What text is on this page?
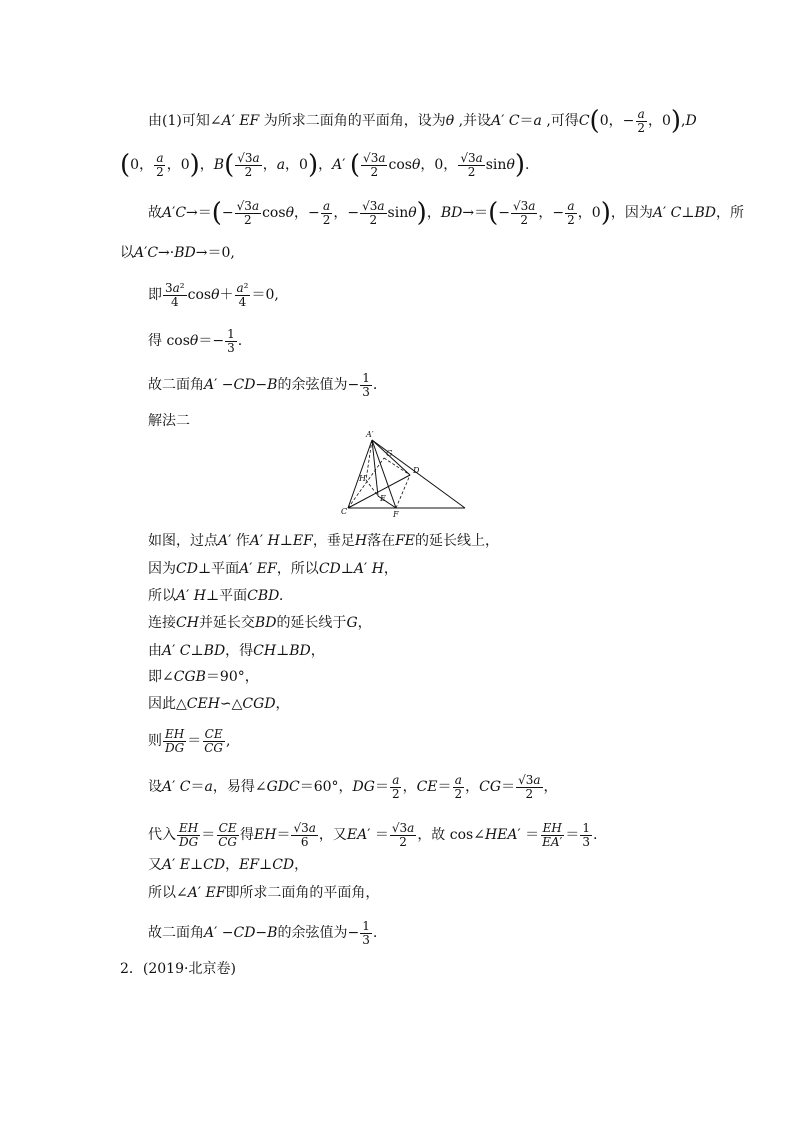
由(1)可知∠A′ EF 为所求二面角的平面角，设为θ ,并设A′ C＝a ,可得C(0，− $\frac{a}{2}$ ，0),D
(0， $\frac{a}{2}$ ，0)，$B( \frac{√3a}{2}$ ，a，0)，A′ ( $\frac{√3a}{2}$ cosθ，0， $\frac{√3a}{2} \sin\theta$).
故$A'C\to=(- \frac{√3a}{2}$ cosθ，− $\frac{a}{2}$ ，− $\frac{√3a}{2} \sin\theta$)，$BD\to=(- \frac{√3a}{2}$ ，− $\frac{a}{2}$ ，0)，因为A′ C⊥BD，所
以A′C→·BD→＝0,
即 $\frac{\text{3a²}}{4} \cos\theta+ \frac{\text{a²}}{4} =0$,
得 $\cos\theta=- \frac{1}{3}$ .
故二面角A′ −CD−B的余弦值为− $\frac{1}{3}$ .
解法二
A′
G
D
H
E
C	F
如图，过点A′ 作A′ H⊥EF，垂足H落在FE的延长线上，
因为CD⊥平面A′ EF，所以CD⊥A′ H，
所以A′ H⊥平面CBD.
连接CH并延长交BD的延长线于G，
由A′ C⊥BD，得CH⊥BD，
即∠CGB＝90°，
因此△CEH∽△CGD，
则 $\frac{EH}{DG} = \frac{CE}{CG}$ ,
设A′ C＝a，易得∠GDC＝60°，$DG= \frac{a}{2}$ ，$CE= \frac{a}{2}$ ，$CG= \frac{√3a}{2}$ ，
代入 $\frac{EH}{DG} = \frac{CE}{CG}$ 得$EH= \frac{√3a}{6}$ ，又$EA' = \frac{√3a}{2}$ ，故 cos∠HEA′ ＝ $\frac{EH}{EA'} = \frac{1}{3}$ .
又A′ E⊥CD，EF⊥CD，
所以∠A′ EF即所求二面角的平面角，
故二面角A′ −CD−B的余弦值为− $\frac{1}{3}$ .
2．(2019·北京卷)
